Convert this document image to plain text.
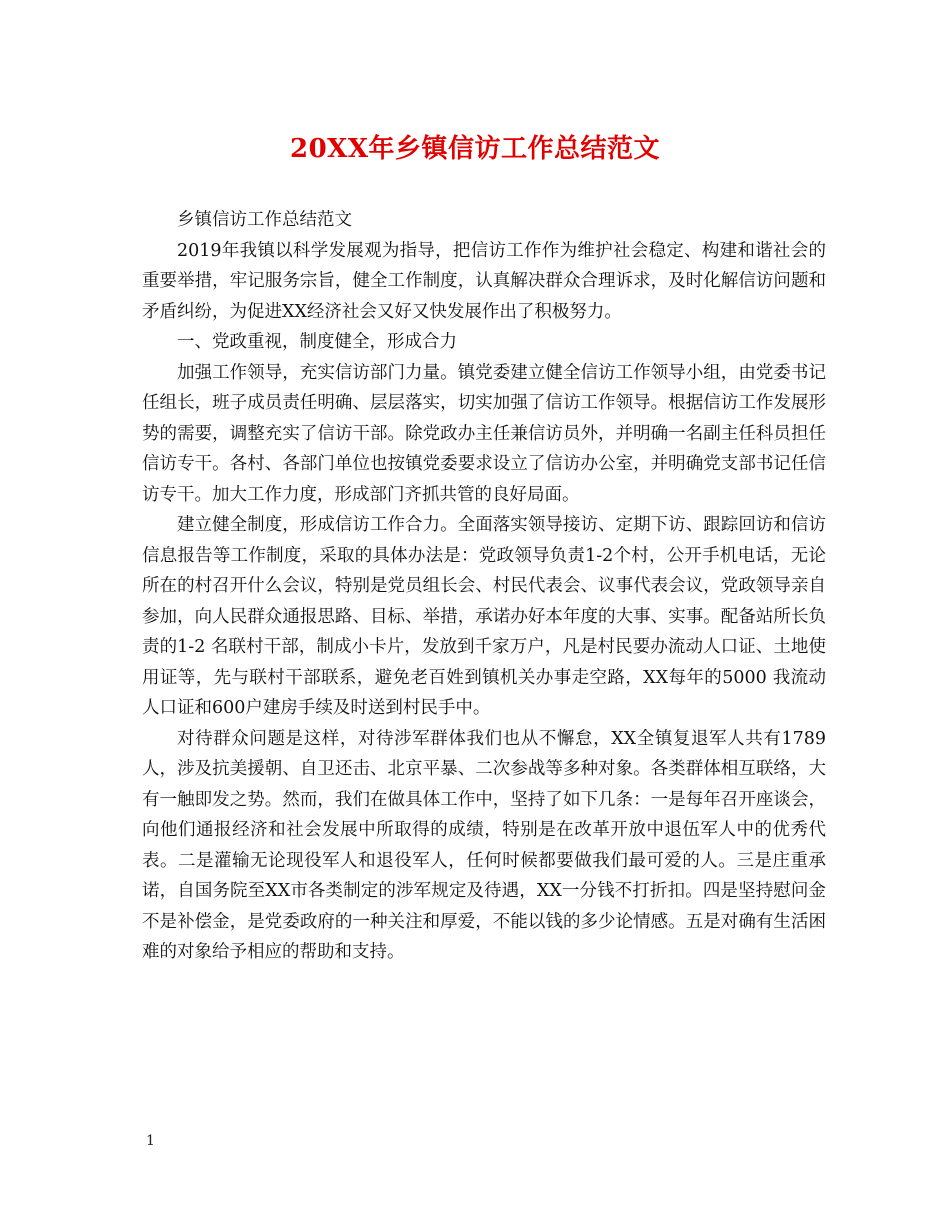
20XX年乡镇信访工作总结范文

乡镇信访工作总结范文

2019年我镇以科学发展观为指导，把信访工作作为维护社会稳定、构建和谐社会的重要举措，牢记服务宗旨，健全工作制度，认真解决群众合理诉求，及时化解信访问题和矛盾纠纷，为促进XX经济社会又好又快发展作出了积极努力。

一、党政重视，制度健全，形成合力

加强工作领导，充实信访部门力量。镇党委建立健全信访工作领导小组，由党委书记任组长，班子成员责任明确、层层落实，切实加强了信访工作领导。根据信访工作发展形势的需要，调整充实了信访干部。除党政办主任兼信访员外，并明确一名副主任科员担任信访专干。各村、各部门单位也按镇党委要求设立了信访办公室，并明确党支部书记任信访专干。加大工作力度，形成部门齐抓共管的良好局面。

建立健全制度，形成信访工作合力。全面落实领导接访、定期下访、跟踪回访和信访信息报告等工作制度，采取的具体办法是：党政领导负责1-2个村，公开手机电话，无论所在的村召开什么会议，特别是党员组长会、村民代表会、议事代表会议，党政领导亲自参加，向人民群众通报思路、目标、举措，承诺办好本年度的大事、实事。配备站所长负责的1-2 名联村干部，制成小卡片，发放到千家万户，凡是村民要办流动人口证、土地使用证等，先与联村干部联系，避免老百姓到镇机关办事走空路，XX每年的5000 我流动人口证和600户建房手续及时送到村民手中。

对待群众问题是这样，对待涉军群体我们也从不懈怠，XX全镇复退军人共有1789人，涉及抗美援朝、自卫还击、北京平暴、二次参战等多种对象。各类群体相互联络，大有一触即发之势。然而，我们在做具体工作中，坚持了如下几条：一是每年召开座谈会，向他们通报经济和社会发展中所取得的成绩，特别是在改革开放中退伍军人中的优秀代表。二是灌输无论现役军人和退役军人，任何时候都要做我们最可爱的人。三是庄重承诺，自国务院至XX市各类制定的涉军规定及待遇，XX一分钱不打折扣。四是坚持慰问金不是补偿金，是党委政府的一种关注和厚爱，不能以钱的多少论情感。五是对确有生活困难的对象给予相应的帮助和支持。

1
